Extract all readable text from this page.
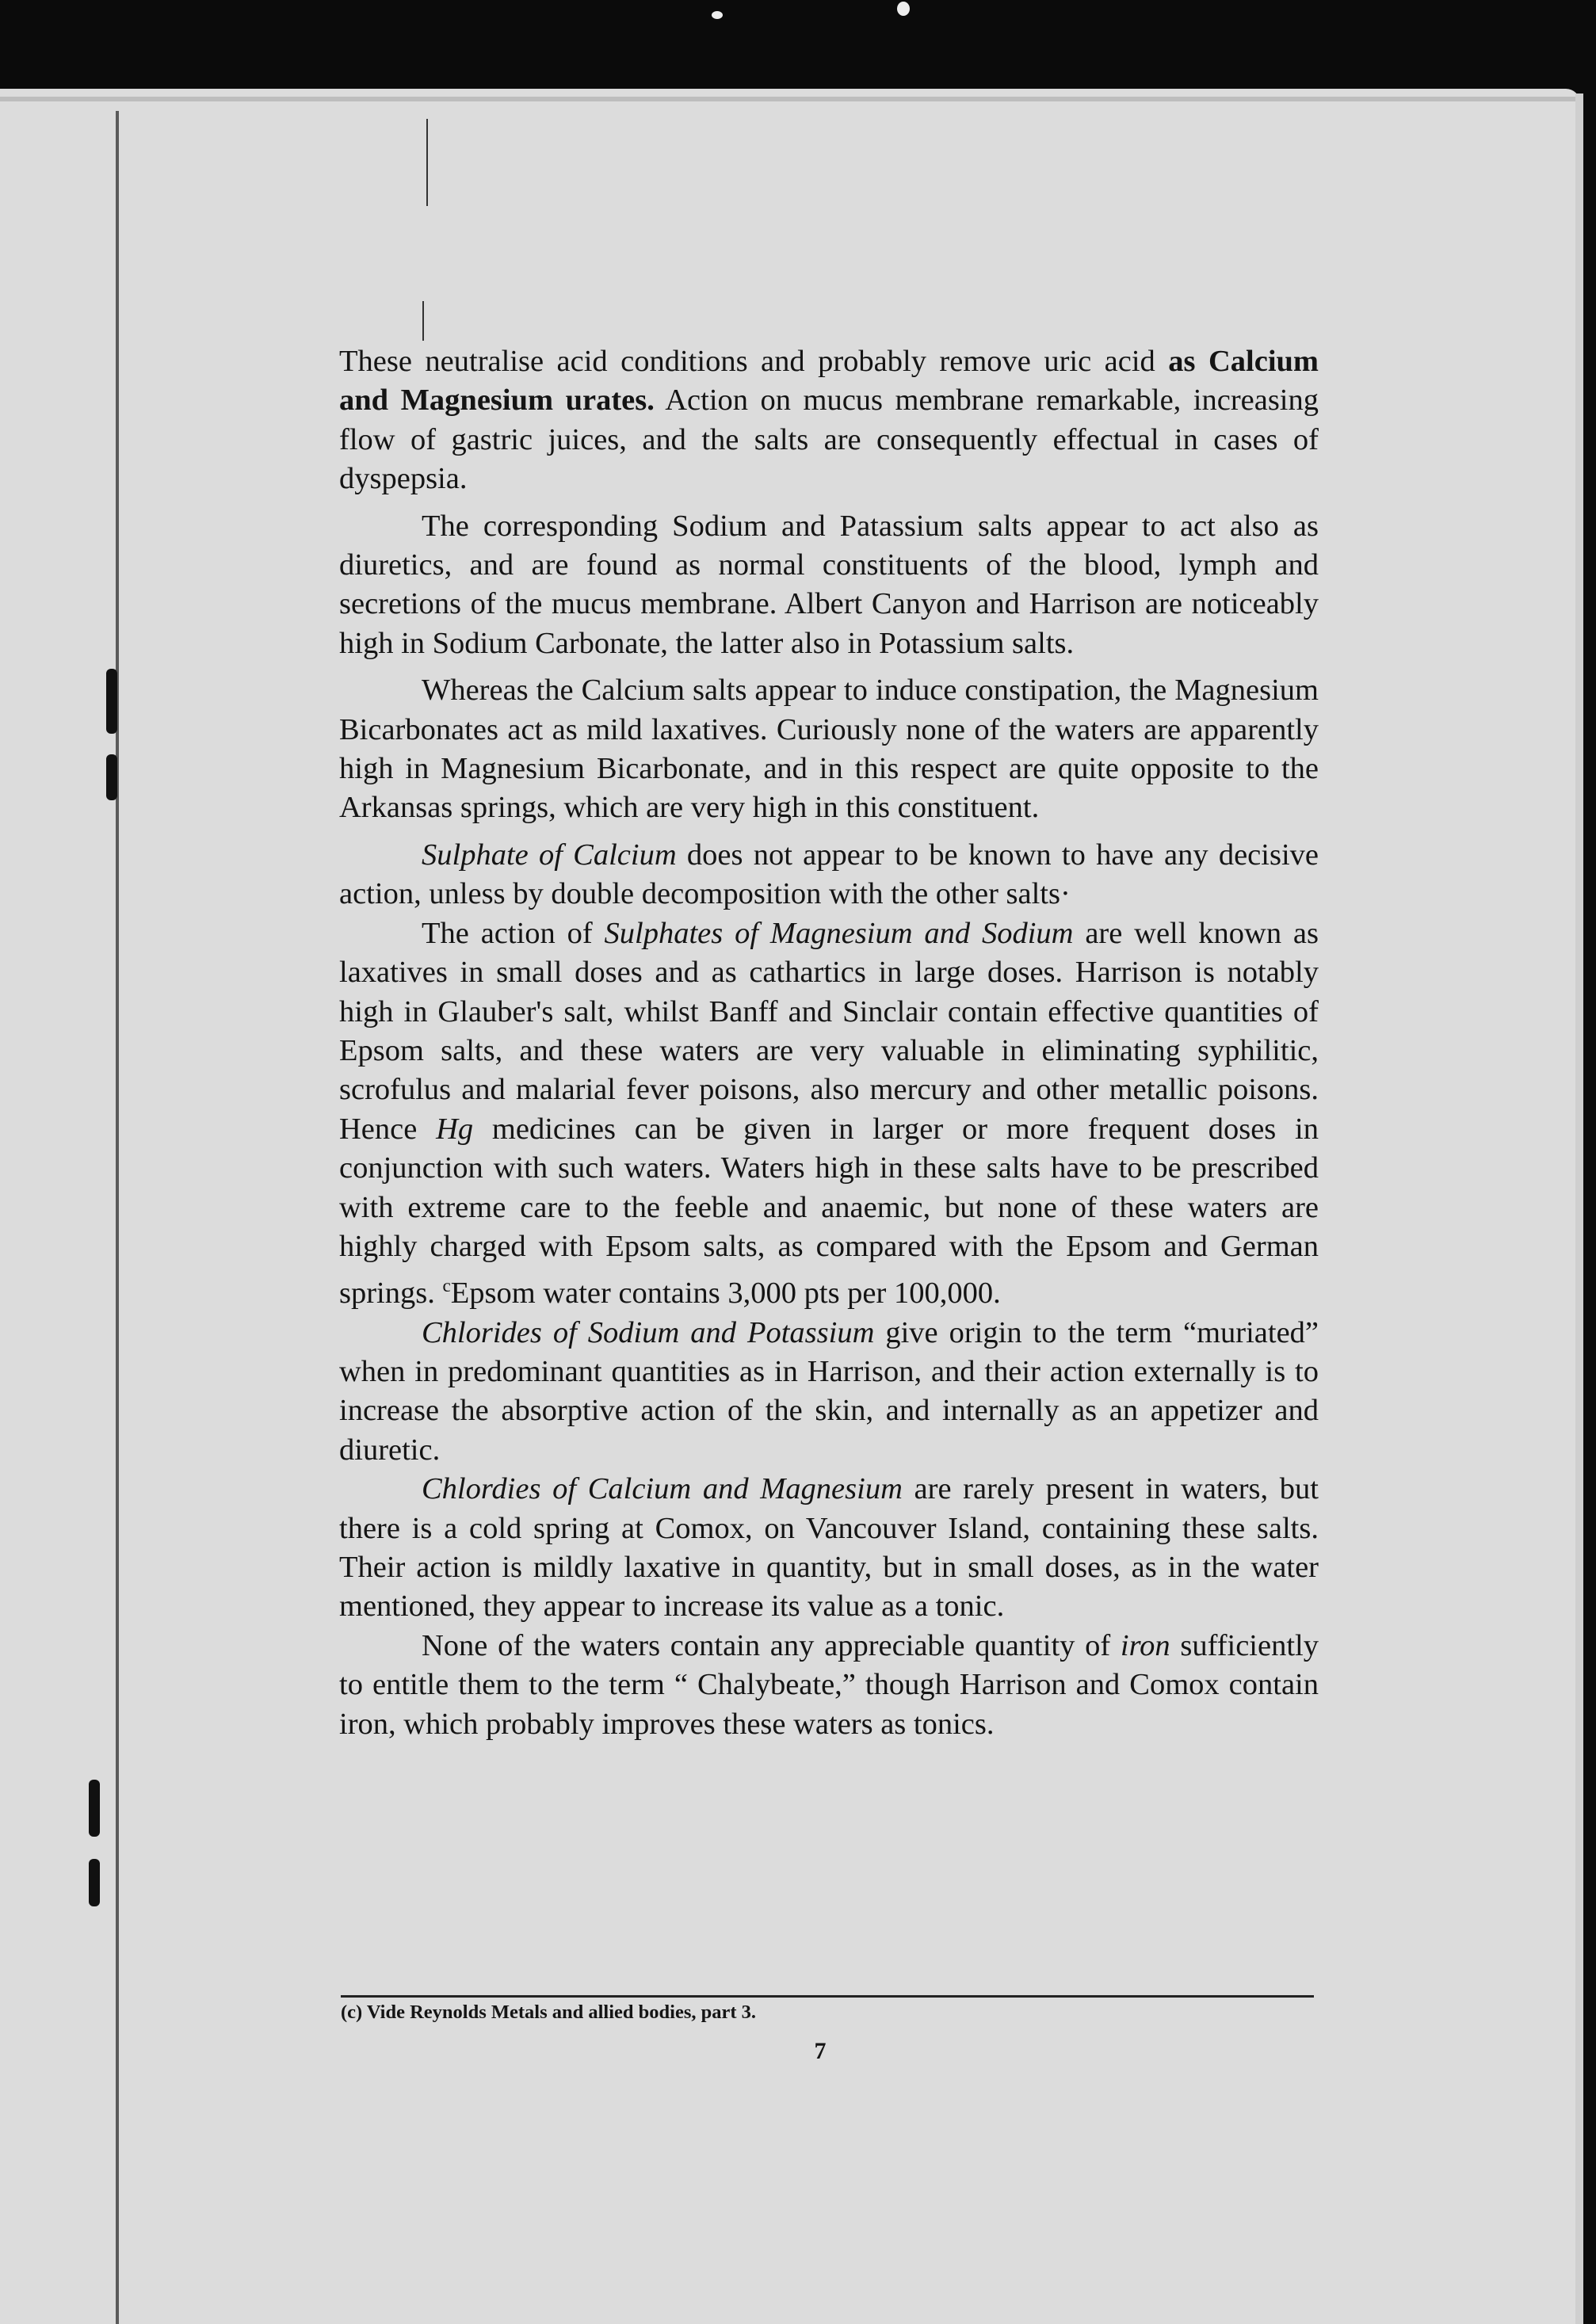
These neutralise acid conditions and probably remove uric acid as Calcium and Magnesium urates. Action on mucus membrane remarkable, increasing flow of gastric juices, and the salts are consequently effectual in cases of dyspepsia.

The corresponding Sodium and Patassium salts appear to act also as diuretics, and are found as normal constituents of the blood, lymph and secretions of the mucus membrane. Albert Canyon and Harrison are noticeably high in Sodium Carbonate, the latter also in Potassium salts.

Whereas the Calcium salts appear to induce constipation, the Magnesium Bicarbonates act as mild laxatives. Curiously none of the waters are apparently high in Magnesium Bicarbonate, and in this respect are quite opposite to the Arkansas springs, which are very high in this constituent.

Sulphate of Calcium does not appear to be known to have any decisive action, unless by double decomposition with the other salts·

The action of Sulphates of Magnesium and Sodium are well known as laxatives in small doses and as cathartics in large doses. Harrison is notably high in Glauber's salt, whilst Banff and Sinclair contain effective quantities of Epsom salts, and these waters are very valuable in eliminating syphilitic, scrofulus and malarial fever poisons, also mercury and other metallic poisons. Hence Hg medicines can be given in larger or more frequent doses in conjunction with such waters. Waters high in these salts have to be prescribed with extreme care to the feeble and anaemic, but none of these waters are highly charged with Epsom salts, as compared with the Epsom and German springs. $^c$Epsom water contains 3,000 pts per 100,000.

Chlorides of Sodium and Potassium give origin to the term “muriated” when in predominant quantities as in Harrison, and their action externally is to increase the absorptive action of the skin, and internally as an appetizer and diuretic.

Chlordies of Calcium and Magnesium are rarely present in waters, but there is a cold spring at Comox, on Vancouver Island, containing these salts. Their action is mildly laxative in quantity, but in small doses, as in the water mentioned, they appear to increase its value as a tonic.

None of the waters contain any appreciable quantity of iron sufficiently to entitle them to the term “ Chalybeate,” though Harrison and Comox contain iron, which probably improves these waters as tonics.

(c) Vide Reynolds Metals and allied bodies, part 3.
7
